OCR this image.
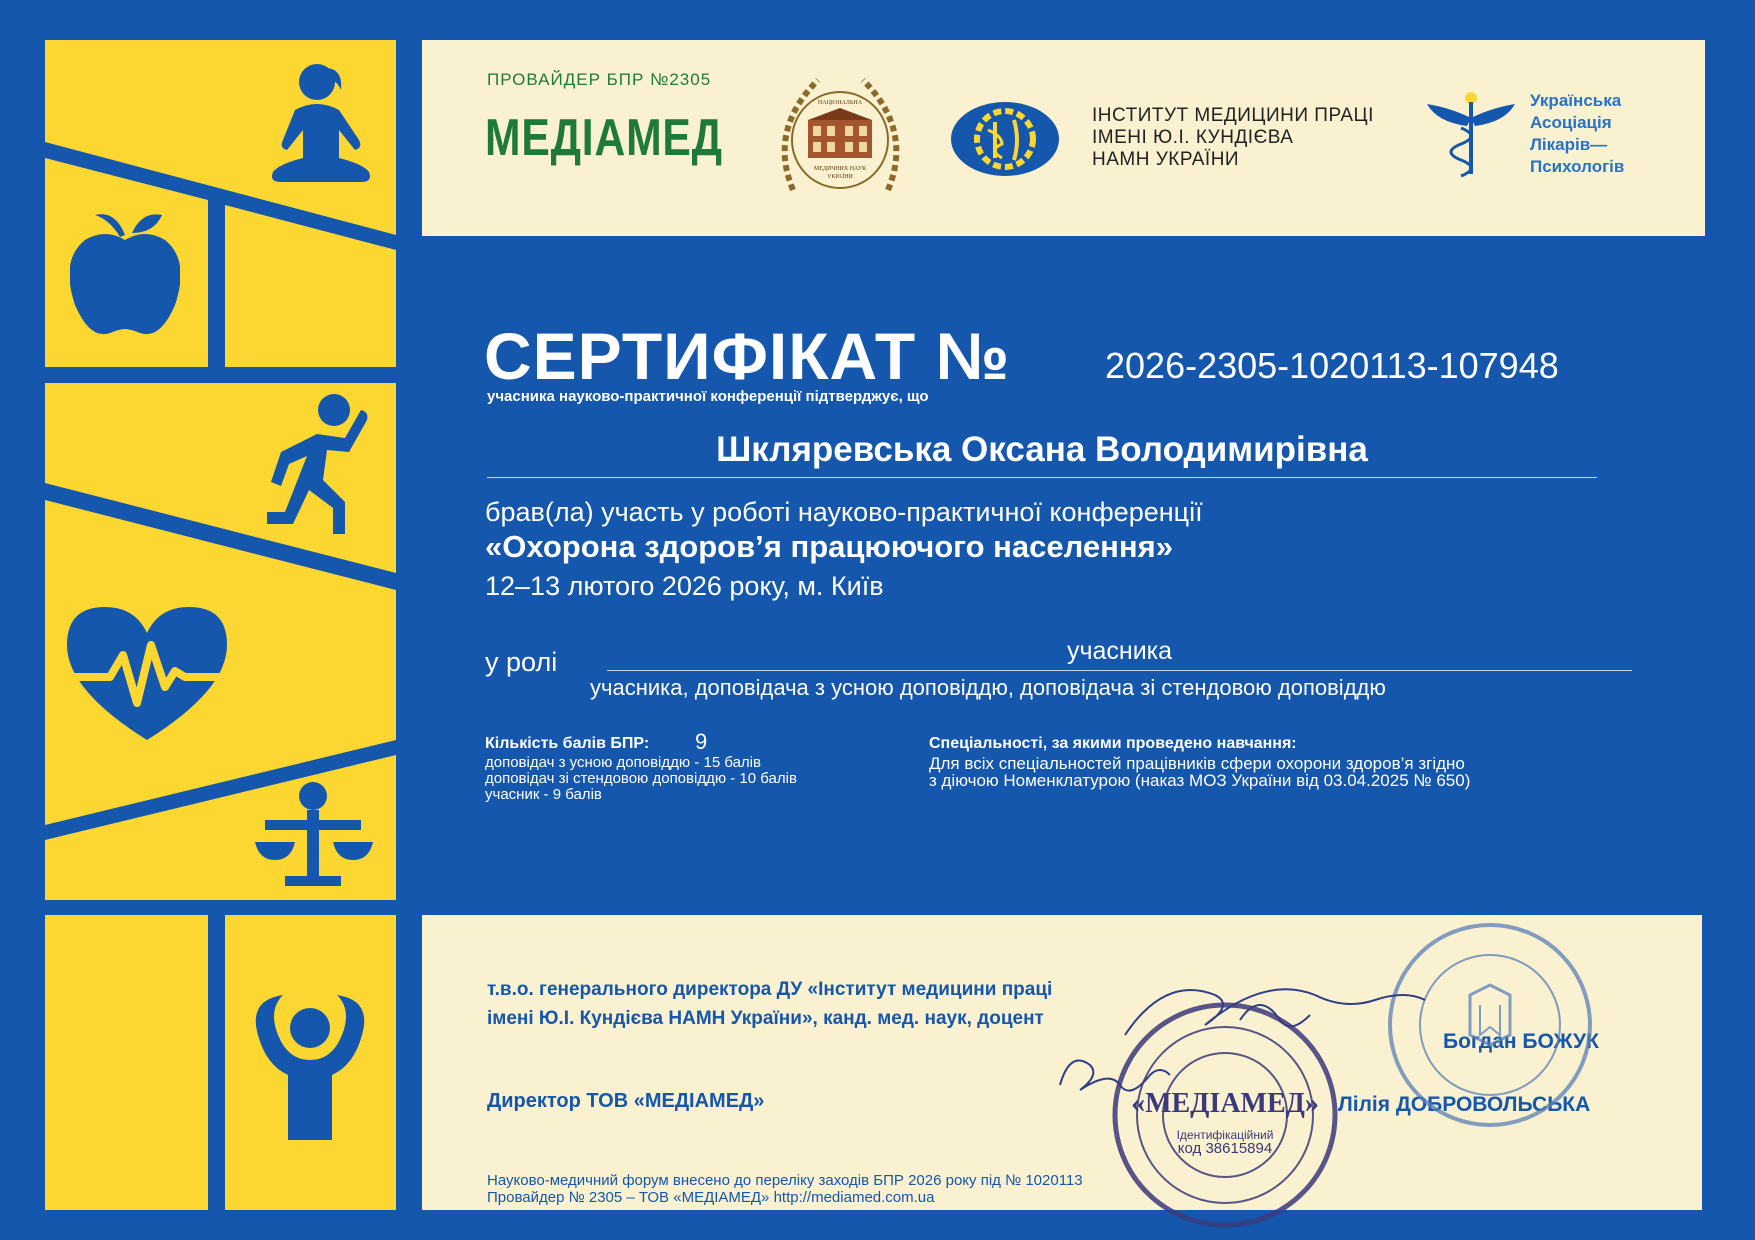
ПРОВАЙДЕР БПР №2305
МЕДІАМЕД
НАЦІОНАЛЬНА
МЕДИЧНИХ НАУК
УКРАЇНИ
ІНСТИТУТ МЕДИЦИНИ ПРАЦІ
ІМЕНІ Ю.І. КУНДІЄВА
НАМН УКРАЇНИ
Українська
Асоціація
Лікарів—
Психологів
СЕРТИФІКАТ №	2026-2305-1020113-107948
учасника науково-практичної конференції підтверджує, що
Шклярeвська Оксана Володимирівна
брав(ла) участь у роботі науково-практичної конференції
«Охорона здоров’я працюючого населення»
12–13 лютого 2026 року, м. Київ
у ролі	учасника
учасника, доповідача з усною доповіддю, доповідача зі стендовою доповіддю
Кількість балів БПР: 9
доповідач з усною доповіддю - 15 балів
доповідач зі стендовою доповіддю - 10 балів
учасник - 9 балів
Спеціальності, за якими проведено навчання:
Для всіх спеціальностей працівників сфери охорони здоров’я згідно
з діючою Номенклатурою (наказ МОЗ України від 03.04.2025 № 650)
т.в.о. генерального директора ДУ «Інститут медицини праці
імені Ю.І. Кундієва НАМН України», канд. мед. наук, доцент
Богдан БОЖУК
Директор ТОВ «МЕДІАМЕД»	Лілія ДОБРОВОЛЬСЬКА
«МЕДІАМЕД»
Ідентифікаційний
код 38615894
Науково-медичний форум внесено до переліку заходів БПР 2026 року під № 1020113
Провайдер № 2305 – ТОВ «МЕДІАМЕД» http://mediamed.com.ua
